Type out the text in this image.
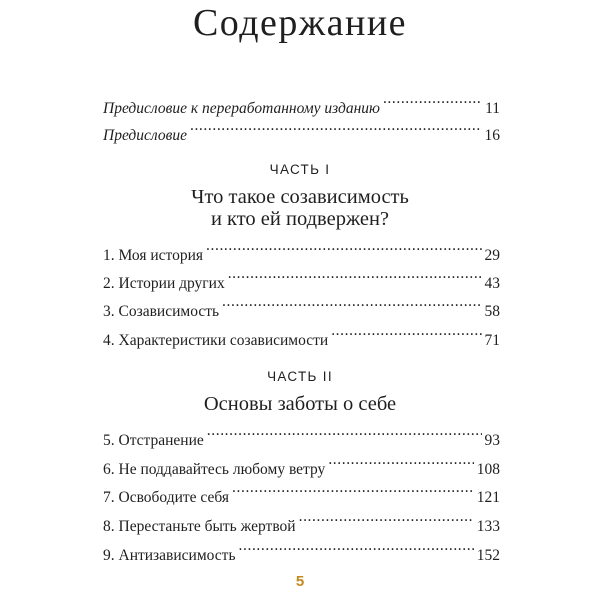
Содержание
Предисловие к переработанному изданию .....	11
Предисловие .....	16
ЧАСТЬ I
Что такое созависимость
и кто ей подвержен?
1. Моя история .....	29
2. Истории других .....	43
3. Созависимость .....	58
4. Характеристики созависимости .....	71
ЧАСТЬ II
Основы заботы о себе
5. Отстранение .....	93
6. Не поддавайтесь любому ветру .....	108
7. Освободите себя .....	121
8. Перестаньте быть жертвой .....	133
9. Антизависимость .....	152
5
